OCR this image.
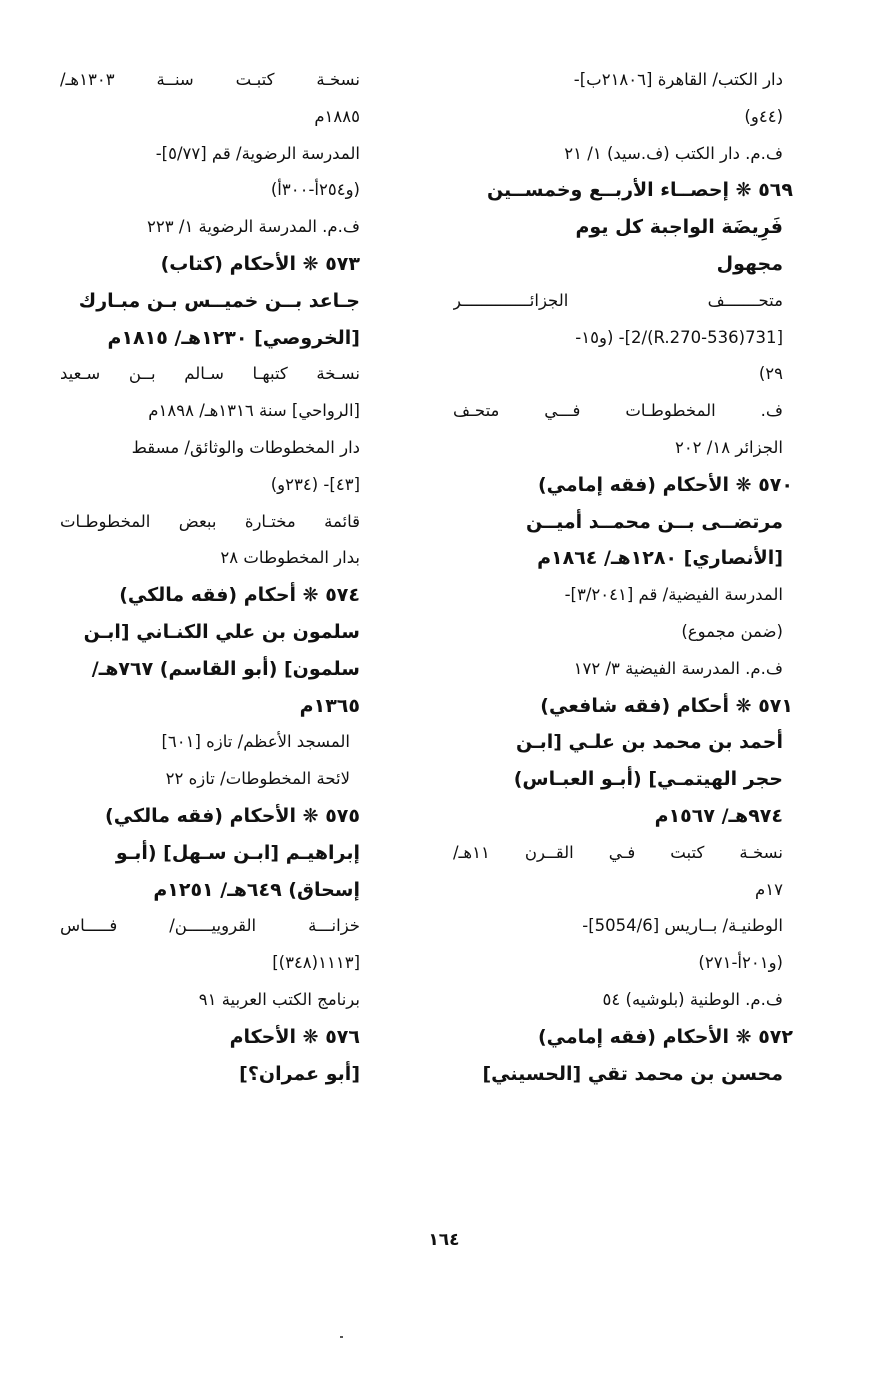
دار الكتب/ القاهرة [٢١٨٠٦ب]-
(٤٤و)
ف.م. دار الكتب (ف.سيد) ١/ ٢١
٥٦٩ ❋ إحصــاء الأربــع وخمســين
فَرِيضَة الواجبة كل يوم
مجهول
متحـــــــف الجزائــــــــــــــر
[731(536-R.270)/2]- (و١٥-
٢٩)
ف. المخطوطـات فـــي متحـف
الجزائر ١٨/ ٢٠٢
٥٧٠ ❋ الأحكام (فقه إمامي)
مرتضــى بــن محمــد أميــن
[الأنصاري] ١٢٨٠هـ/ ١٨٦٤م
المدرسة الفيضية/ قم [٣/٢٠٤١]-
(ضمن مجموع)
ف.م. المدرسة الفيضية ٣/ ١٧٢
٥٧١ ❋ أحكام (فقه شافعي)
أحمد بن محمد بن علـي [ابـن
حجر الهيتمـي] (أبـو العبـاس)
٩٧٤هـ/ ١٥٦٧م
نسخـة كتبت فـي القــرن ١١هـ/
١٧م
الوطنيـة/ بــاريس [5054/6]-
(و٢٠١أ-٢٧١)
ف.م. الوطنية (بلوشيه) ٥٤
٥٧٢ ❋ الأحكام (فقه إمامي)
محسن بن محمد تقي [الحسيني]
نسخـة كتبـت سنــة ١٣٠٣هـ/
١٨٨٥م
المدرسة الرضوية/ قم [٥/٧٧]-
(و٢٥٤أ-٣٠٠أ)
ف.م. المدرسة الرضوية ١/ ٢٢٣
٥٧٣ ❋ الأحكام (كتاب)
جـاعد بــن خميــس بـن مبـارك
[الخروصي] ١٢٣٠هـ/ ١٨١٥م
نسـخة كتبهـا سـالم بــن سـعيد
[الرواحي] سنة ١٣١٦هـ/ ١٨٩٨م
دار المخطوطات والوثائق/ مسقط
[٤٣]- (٢٣٤و)
قائمة مختـارة ببعض المخطوطـات
بدار المخطوطات ٢٨
٥٧٤ ❋ أحكام (فقه مالكي)
سلمون بن علي الكنـاني [ابـن
سلمون] (أبو القاسم) ٧٦٧هـ/
١٣٦٥م
المسجد الأعظم/ تازه [٦٠١]
لائحة المخطوطات/ تازه ٢٢
٥٧٥ ❋ الأحكام (فقه مالكي)
إبراهيـم [ابـن سـهل] (أبـو
إسحاق) ٦٤٩هـ/ ١٢٥١م
خزانـــة القروييـــــن/ فـــــاس
[١١١٣(٣٤٨)]
برنامج الكتب العربية ٩١
٥٧٦ ❋ الأحكام
[أبو عمران؟]
١٦٤
